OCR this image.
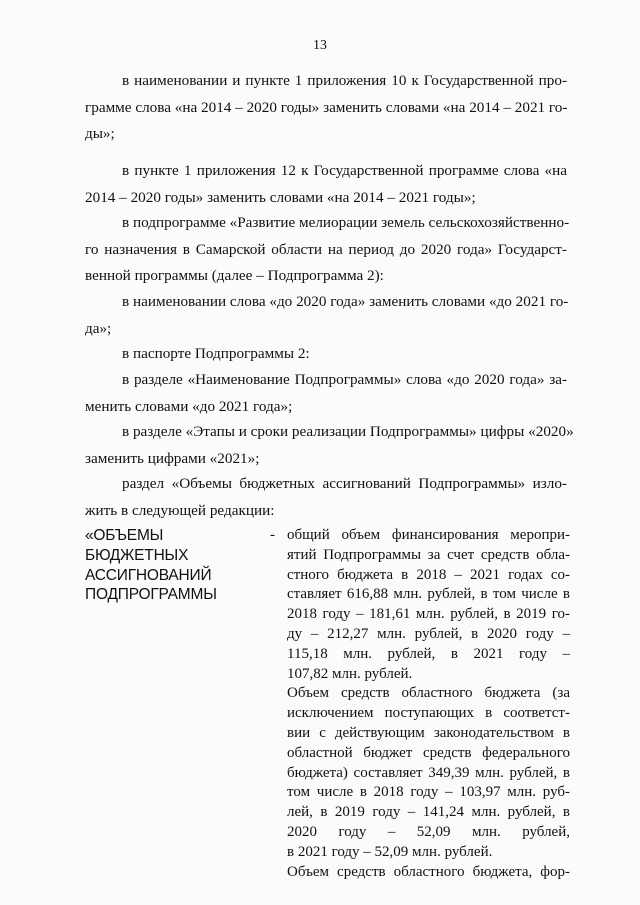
13
в наименовании и пункте 1 приложения 10 к Государственной про-
грамме слова «на 2014 – 2020 годы» заменить словами «на 2014 – 2021 го-
ды»;
в пункте 1 приложения 12 к Государственной программе слова «на
2014 – 2020 годы» заменить словами «на 2014 – 2021 годы»;
в подпрограмме «Развитие мелиорации земель сельскохозяйственно-
го назначения в Самарской области на период до 2020 года» Государст-
венной программы (далее – Подпрограмма 2):
в наименовании слова «до 2020 года» заменить словами «до 2021 го-
да»;
в паспорте Подпрограммы 2:
в разделе «Наименование Подпрограммы» слова «до 2020 года» за-
менить словами «до 2021 года»;
в разделе «Этапы и сроки реализации Подпрограммы» цифры «2020»
заменить цифрами «2021»;
раздел «Объемы бюджетных ассигнований Подпрограммы» изло-
жить в следующей редакции:
«ОБЪЕМЫ
БЮДЖЕТНЫХ
АССИГНОВАНИЙ
ПОДПРОГРАММЫ
- общий объем финансирования меропри-
ятий Подпрограммы за счет средств обла-
стного бюджета в 2018 – 2021 годах со-
ставляет 616,88 млн. рублей, в том числе в
2018 году – 181,61 млн. рублей, в 2019 го-
ду – 212,27 млн. рублей, в 2020 году –
115,18 млн. рублей, в 2021 году –
107,82 млн. рублей.
Объем средств областного бюджета (за
исключением поступающих в соответст-
вии с действующим законодательством в
областной бюджет средств федерального
бюджета) составляет 349,39 млн. рублей, в
том числе в 2018 году – 103,97 млн. руб-
лей, в 2019 году – 141,24 млн. рублей, в
2020 году – 52,09 млн. рублей,
в 2021 году – 52,09 млн. рублей.
Объем средств областного бюджета, фор-
